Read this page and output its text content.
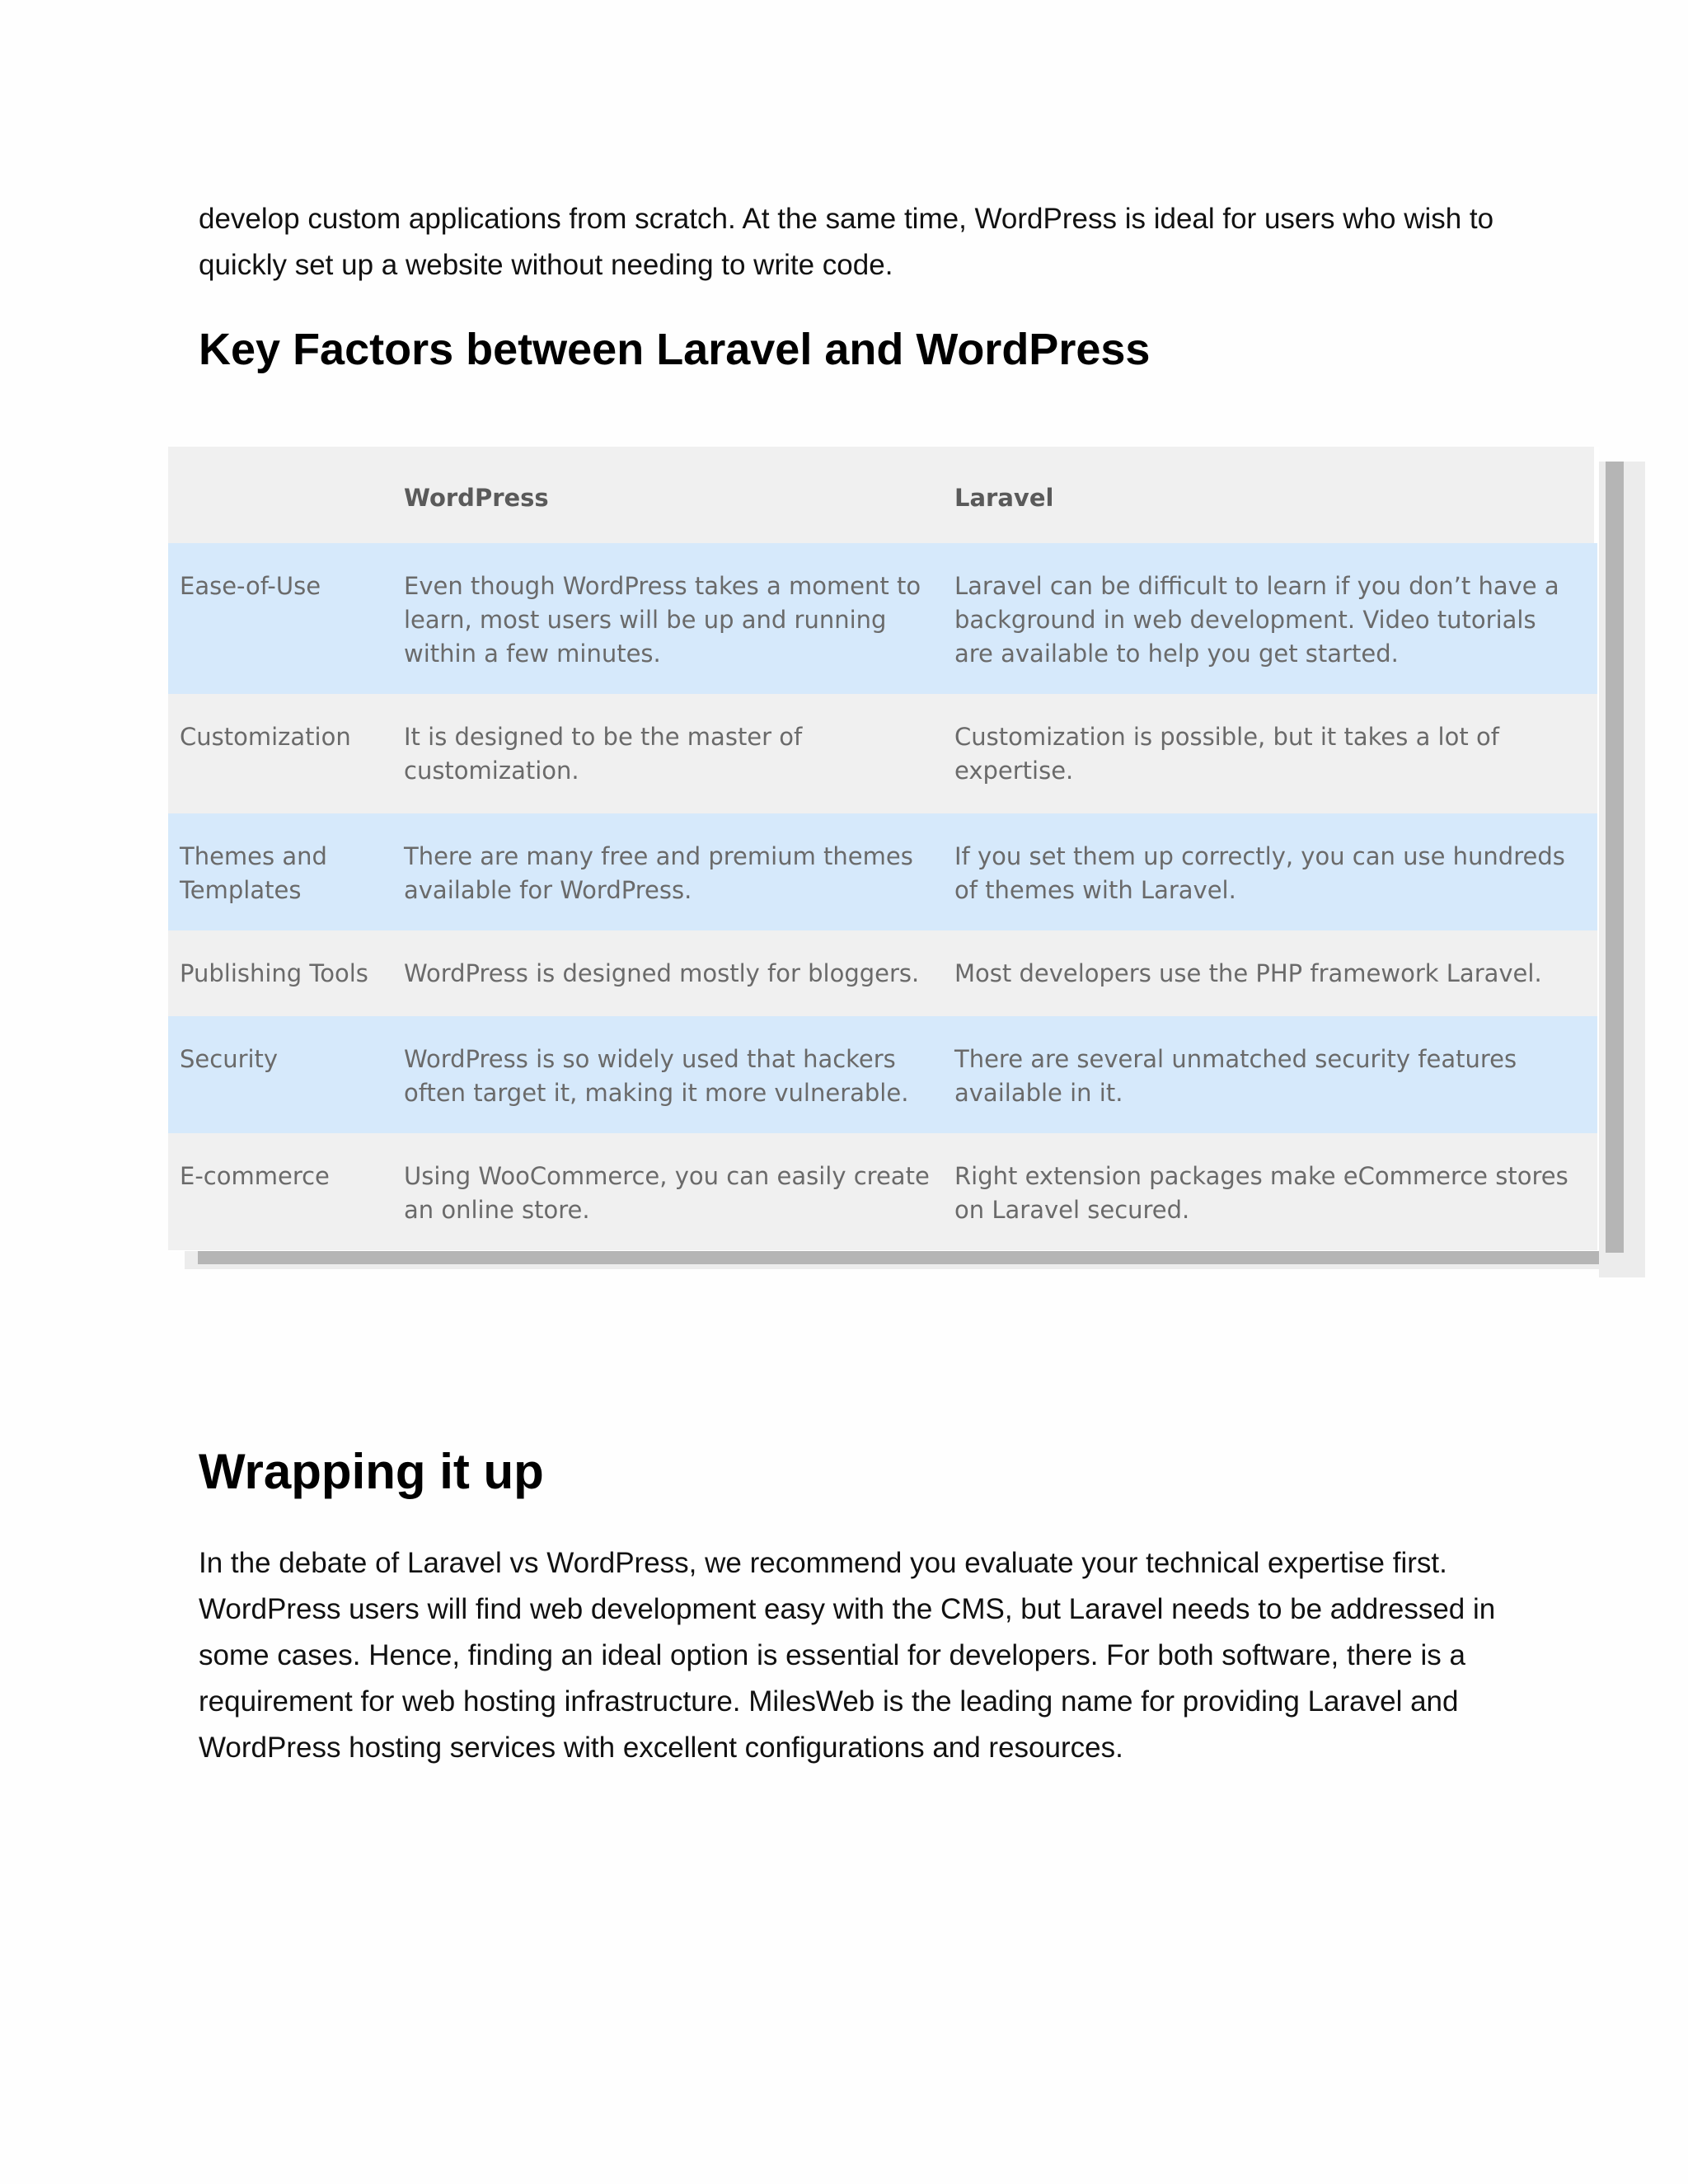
develop custom applications from scratch. At the same time, WordPress is ideal for users who wish to quickly set up a website without needing to write code.

Key Factors between Laravel and WordPress
	WordPress	Laravel
Ease-of-Use	Even though WordPress takes a moment to learn, most users will be up and running within a few minutes.	Laravel can be difficult to learn if you don’t have a background in web development. Video tutorials are available to help you get started.
Customization	It is designed to be the master of customization.	Customization is possible, but it takes a lot of expertise.
Themes and Templates	There are many free and premium themes available for WordPress.	If you set them up correctly, you can use hundreds of themes with Laravel.
Publishing Tools	WordPress is designed mostly for bloggers.	Most developers use the PHP framework Laravel.
Security	WordPress is so widely used that hackers often target it, making it more vulnerable.	There are several unmatched security features available in it.
E-commerce	Using WooCommerce, you can easily create an online store.	Right extension packages make eCommerce stores on Laravel secured.
Wrapping it up

In the debate of Laravel vs WordPress, we recommend you evaluate your technical expertise first. WordPress users will find web development easy with the CMS, but Laravel needs to be addressed in some cases. Hence, finding an ideal option is essential for developers. For both software, there is a requirement for web hosting infrastructure. MilesWeb is the leading name for providing Laravel and WordPress hosting services with excellent configurations and resources.
